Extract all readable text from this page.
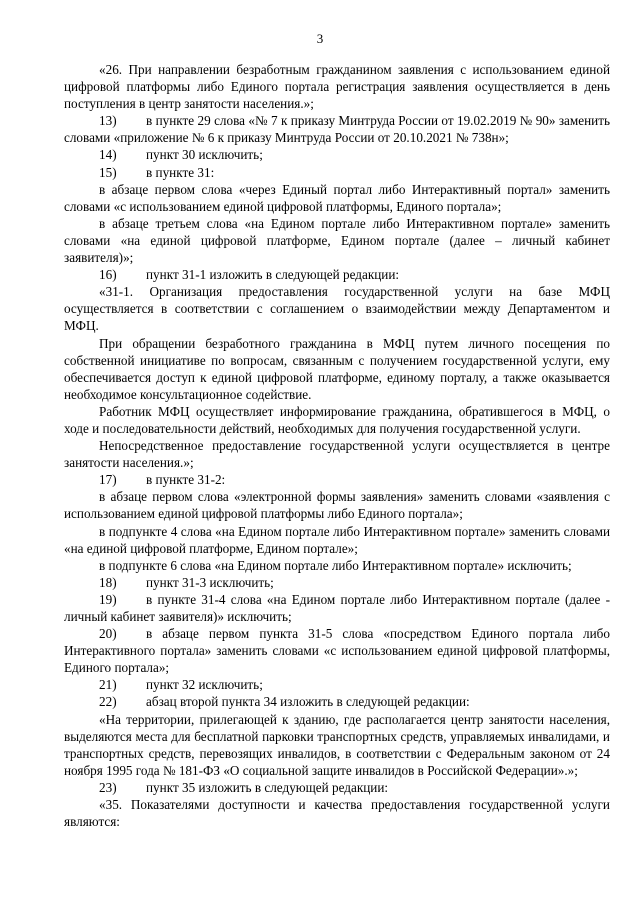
3

«26. При направлении безработным гражданином заявления с использованием единой цифровой платформы либо Единого портала регистрация заявления осуществляется в день поступления в центр занятости населения.»;

13) в пункте 29 слова «№ 7 к приказу Минтруда России от 19.02.2019 № 90» заменить словами «приложение № 6 к приказу Минтруда России от 20.10.2021 № 738н»;

14) пункт 30 исключить;

15) в пункте 31:

в абзаце первом слова «через Единый портал либо Интерактивный портал» заменить словами «с использованием единой цифровой платформы, Единого портала»;

в абзаце третьем слова «на Едином портале либо Интерактивном портале» заменить словами «на единой цифровой платформе, Едином портале (далее – личный кабинет заявителя)»;

16) пункт 31-1 изложить в следующей редакции:

«31-1. Организация предоставления государственной услуги на базе МФЦ осуществляется в соответствии с соглашением о взаимодействии между Департаментом и МФЦ.

При обращении безработного гражданина в МФЦ путем личного посещения по собственной инициативе по вопросам, связанным с получением государственной услуги, ему обеспечивается доступ к единой цифровой платформе, единому порталу, а также оказывается необходимое консультационное содействие.

Работник МФЦ осуществляет информирование гражданина, обратившегося в МФЦ, о ходе и последовательности действий, необходимых для получения государственной услуги.

Непосредственное предоставление государственной услуги осуществляется в центре занятости населения.»;

17) в пункте 31-2:

в абзаце первом слова «электронной формы заявления» заменить словами «заявления с использованием единой цифровой платформы либо Единого портала»;

в подпункте 4 слова «на Едином портале либо Интерактивном портале» заменить словами «на единой цифровой платформе, Едином портале»;

в подпункте 6 слова «на Едином портале либо Интерактивном портале» исключить;

18) пункт 31-3 исключить;

19) в пункте 31-4 слова «на Едином портале либо Интерактивном портале (далее - личный кабинет заявителя)» исключить;

20) в абзаце первом пункта 31-5 слова «посредством Единого портала либо Интерактивного портала» заменить словами «с использованием единой цифровой платформы, Единого портала»;

21) пункт 32 исключить;

22) абзац второй пункта 34 изложить в следующей редакции:

«На территории, прилегающей к зданию, где располагается центр занятости населения, выделяются места для бесплатной парковки транспортных средств, управляемых инвалидами, и транспортных средств, перевозящих инвалидов, в соответствии с Федеральным законом от 24 ноября 1995 года № 181-ФЗ «О социальной защите инвалидов в Российской Федерации».»;

23) пункт 35 изложить в следующей редакции:

«35. Показателями доступности и качества предоставления государственной услуги являются:
